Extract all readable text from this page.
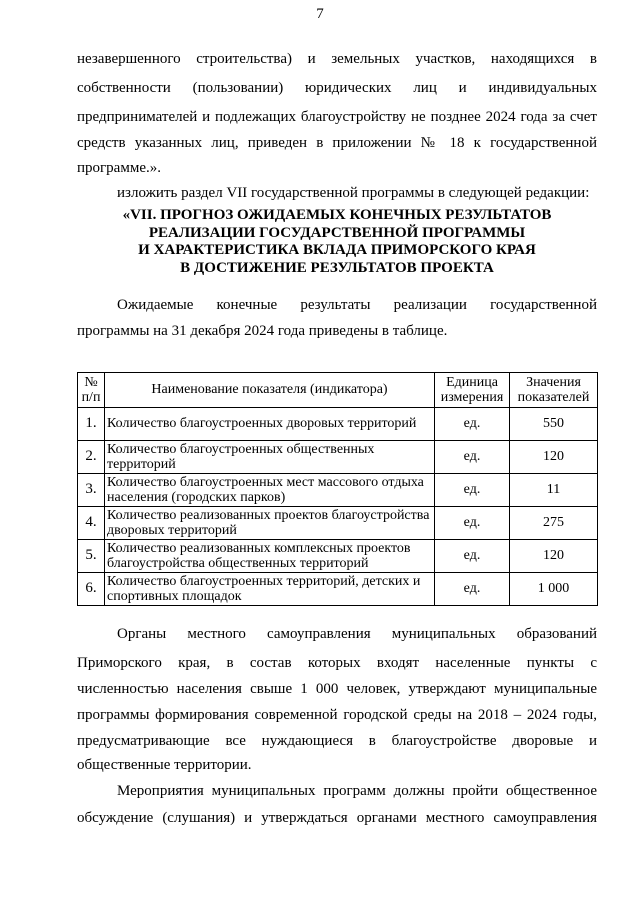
7

незавершенного строительства) и земельных участков, находящихся в

собственности (пользовании) юридических лиц и индивидуальных

предпринимателей и подлежащих благоустройству не позднее 2024 года за счет

средств указанных лиц, приведен в приложении № 18 к государственной

программе.».

изложить раздел VII государственной программы в следующей редакции:

«VII. ПРОГНОЗ ОЖИДАЕМЫХ КОНЕЧНЫХ РЕЗУЛЬТАТОВ
РЕАЛИЗАЦИИ ГОСУДАРСТВЕННОЙ ПРОГРАММЫ
И ХАРАКТЕРИСТИКА ВКЛАДА ПРИМОРСКОГО КРАЯ
В ДОСТИЖЕНИЕ РЕЗУЛЬТАТОВ ПРОЕКТА

Ожидаемые конечные результаты реализации государственной

программы на 31 декабря 2024 года приведены в таблице.

№ п/п	Наименование показателя (индикатора)	Единица измерения	Значения показателей
1.	Количество благоустроенных дворовых территорий	ед.	550
2.	Количество благоустроенных общественных территорий	ед.	120
3.	Количество благоустроенных мест массового отдыха населения (городских парков)	ед.	11
4.	Количество реализованных проектов благоустройства дворовых территорий	ед.	275
5.	Количество реализованных комплексных проектов благоустройства общественных территорий	ед.	120
6.	Количество благоустроенных территорий, детских и спортивных площадок	ед.	1 000

Органы местного самоуправления муниципальных образований

Приморского края, в состав которых входят населенные пункты с

численностью населения свыше 1 000 человек, утверждают муниципальные

программы формирования современной городской среды на 2018 – 2024 годы,

предусматривающие все нуждающиеся в благоустройстве дворовые и

общественные территории.

Мероприятия муниципальных программ должны пройти общественное

обсуждение (слушания) и утверждаться органами местного самоуправления
